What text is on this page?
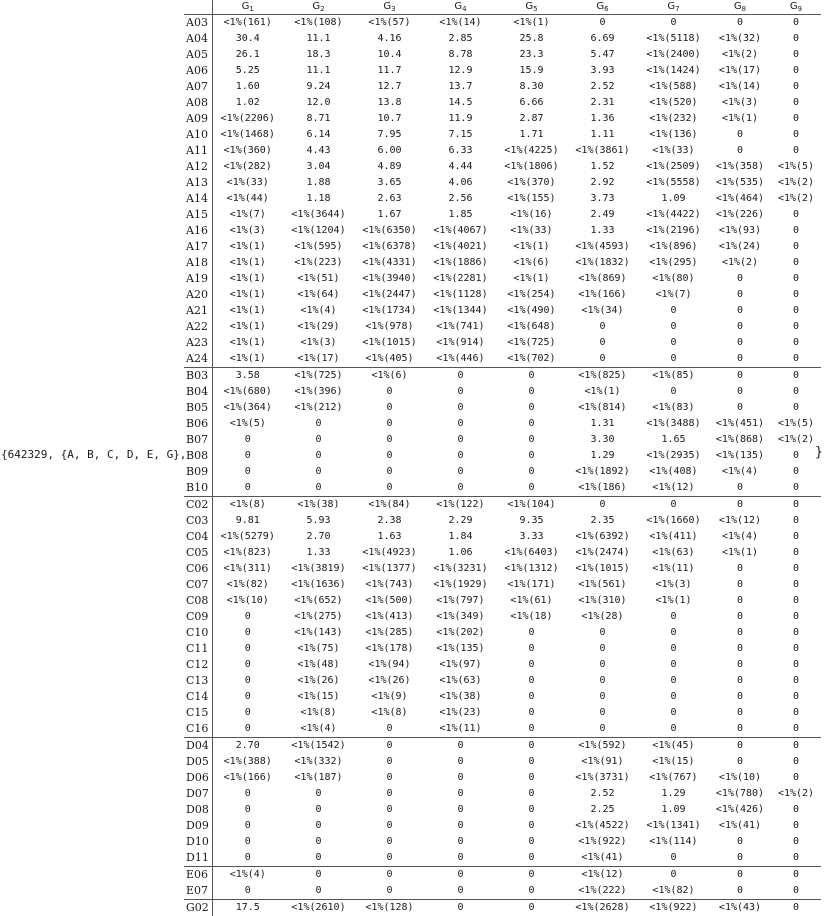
{642329, {A, B, C, D, E, G},
	$G_1$	$G_2$	$G_3$	$G_4$	$G_5$	$G_6$	$G_7$	$G_8$	$G_9$
A03	<1%(161)	<1%(108)	<1%(57)	<1%(14)	<1%(1)	0	0	0	0
A04	30.4	11.1	4.16	2.85	25.8	6.69	<1%(5118)	<1%(32)	0
A05	26.1	18.3	10.4	8.78	23.3	5.47	<1%(2400)	<1%(2)	0
A06	5.25	11.1	11.7	12.9	15.9	3.93	<1%(1424)	<1%(17)	0
A07	1.60	9.24	12.7	13.7	8.30	2.52	<1%(588)	<1%(14)	0
A08	1.02	12.0	13.8	14.5	6.66	2.31	<1%(520)	<1%(3)	0
A09	<1%(2206)	8.71	10.7	11.9	2.87	1.36	<1%(232)	<1%(1)	0
A10	<1%(1468)	6.14	7.95	7.15	1.71	1.11	<1%(136)	0	0
A11	<1%(360)	4.43	6.00	6.33	<1%(4225)	<1%(3861)	<1%(33)	0	0
A12	<1%(282)	3.04	4.89	4.44	<1%(1806)	1.52	<1%(2509)	<1%(358)	<1%(5)
A13	<1%(33)	1.88	3.65	4.06	<1%(370)	2.92	<1%(5558)	<1%(535)	<1%(2)
A14	<1%(44)	1.18	2.63	2.56	<1%(155)	3.73	1.09	<1%(464)	<1%(2)
A15	<1%(7)	<1%(3644)	1.67	1.85	<1%(16)	2.49	<1%(4422)	<1%(226)	0
A16	<1%(3)	<1%(1204)	<1%(6350)	<1%(4067)	<1%(33)	1.33	<1%(2196)	<1%(93)	0
A17	<1%(1)	<1%(595)	<1%(6378)	<1%(4021)	<1%(1)	<1%(4593)	<1%(896)	<1%(24)	0
A18	<1%(1)	<1%(223)	<1%(4331)	<1%(1886)	<1%(6)	<1%(1832)	<1%(295)	<1%(2)	0
A19	<1%(1)	<1%(51)	<1%(3940)	<1%(2281)	<1%(1)	<1%(869)	<1%(80)	0	0
A20	<1%(1)	<1%(64)	<1%(2447)	<1%(1128)	<1%(254)	<1%(166)	<1%(7)	0	0
A21	<1%(1)	<1%(4)	<1%(1734)	<1%(1344)	<1%(490)	<1%(34)	0	0	0
A22	<1%(1)	<1%(29)	<1%(978)	<1%(741)	<1%(648)	0	0	0	0
A23	<1%(1)	<1%(3)	<1%(1015)	<1%(914)	<1%(725)	0	0	0	0
A24	<1%(1)	<1%(17)	<1%(405)	<1%(446)	<1%(702)	0	0	0	0
B03	3.58	<1%(725)	<1%(6)	0	0	<1%(825)	<1%(85)	0	0
B04	<1%(680)	<1%(396)	0	0	0	<1%(1)	0	0	0
B05	<1%(364)	<1%(212)	0	0	0	<1%(814)	<1%(83)	0	0
B06	<1%(5)	0	0	0	0	1.31	<1%(3488)	<1%(451)	<1%(5)
B07	0	0	0	0	0	3.30	1.65	<1%(868)	<1%(2)
B08	0	0	0	0	0	1.29	<1%(2935)	<1%(135)	0
B09	0	0	0	0	0	<1%(1892)	<1%(408)	<1%(4)	0
B10	0	0	0	0	0	<1%(186)	<1%(12)	0	0
C02	<1%(8)	<1%(38)	<1%(84)	<1%(122)	<1%(104)	0	0	0	0
C03	9.81	5.93	2.38	2.29	9.35	2.35	<1%(1660)	<1%(12)	0
C04	<1%(5279)	2.70	1.63	1.84	3.33	<1%(6392)	<1%(411)	<1%(4)	0
C05	<1%(823)	1.33	<1%(4923)	1.06	<1%(6403)	<1%(2474)	<1%(63)	<1%(1)	0
C06	<1%(311)	<1%(3819)	<1%(1377)	<1%(3231)	<1%(1312)	<1%(1015)	<1%(11)	0	0
C07	<1%(82)	<1%(1636)	<1%(743)	<1%(1929)	<1%(171)	<1%(561)	<1%(3)	0	0
C08	<1%(10)	<1%(652)	<1%(500)	<1%(797)	<1%(61)	<1%(310)	<1%(1)	0	0
C09	0	<1%(275)	<1%(413)	<1%(349)	<1%(18)	<1%(28)	0	0	0
C10	0	<1%(143)	<1%(285)	<1%(202)	0	0	0	0	0
C11	0	<1%(75)	<1%(178)	<1%(135)	0	0	0	0	0
C12	0	<1%(48)	<1%(94)	<1%(97)	0	0	0	0	0
C13	0	<1%(26)	<1%(26)	<1%(63)	0	0	0	0	0
C14	0	<1%(15)	<1%(9)	<1%(38)	0	0	0	0	0
C15	0	<1%(8)	<1%(8)	<1%(23)	0	0	0	0	0
C16	0	<1%(4)	0	<1%(11)	0	0	0	0	0
D04	2.70	<1%(1542)	0	0	0	<1%(592)	<1%(45)	0	0
D05	<1%(388)	<1%(332)	0	0	0	<1%(91)	<1%(15)	0	0
D06	<1%(166)	<1%(187)	0	0	0	<1%(3731)	<1%(767)	<1%(10)	0
D07	0	0	0	0	0	2.52	1.29	<1%(780)	<1%(2)
D08	0	0	0	0	0	2.25	1.09	<1%(426)	0
D09	0	0	0	0	0	<1%(4522)	<1%(1341)	<1%(41)	0
D10	0	0	0	0	0	<1%(922)	<1%(114)	0	0
D11	0	0	0	0	0	<1%(41)	0	0	0
E06	<1%(4)	0	0	0	0	<1%(12)	0	0	0
E07	0	0	0	0	0	<1%(222)	<1%(82)	0	0
G02	17.5	<1%(2610)	<1%(128)	0	0	<1%(2628)	<1%(922)	<1%(43)	0
}
